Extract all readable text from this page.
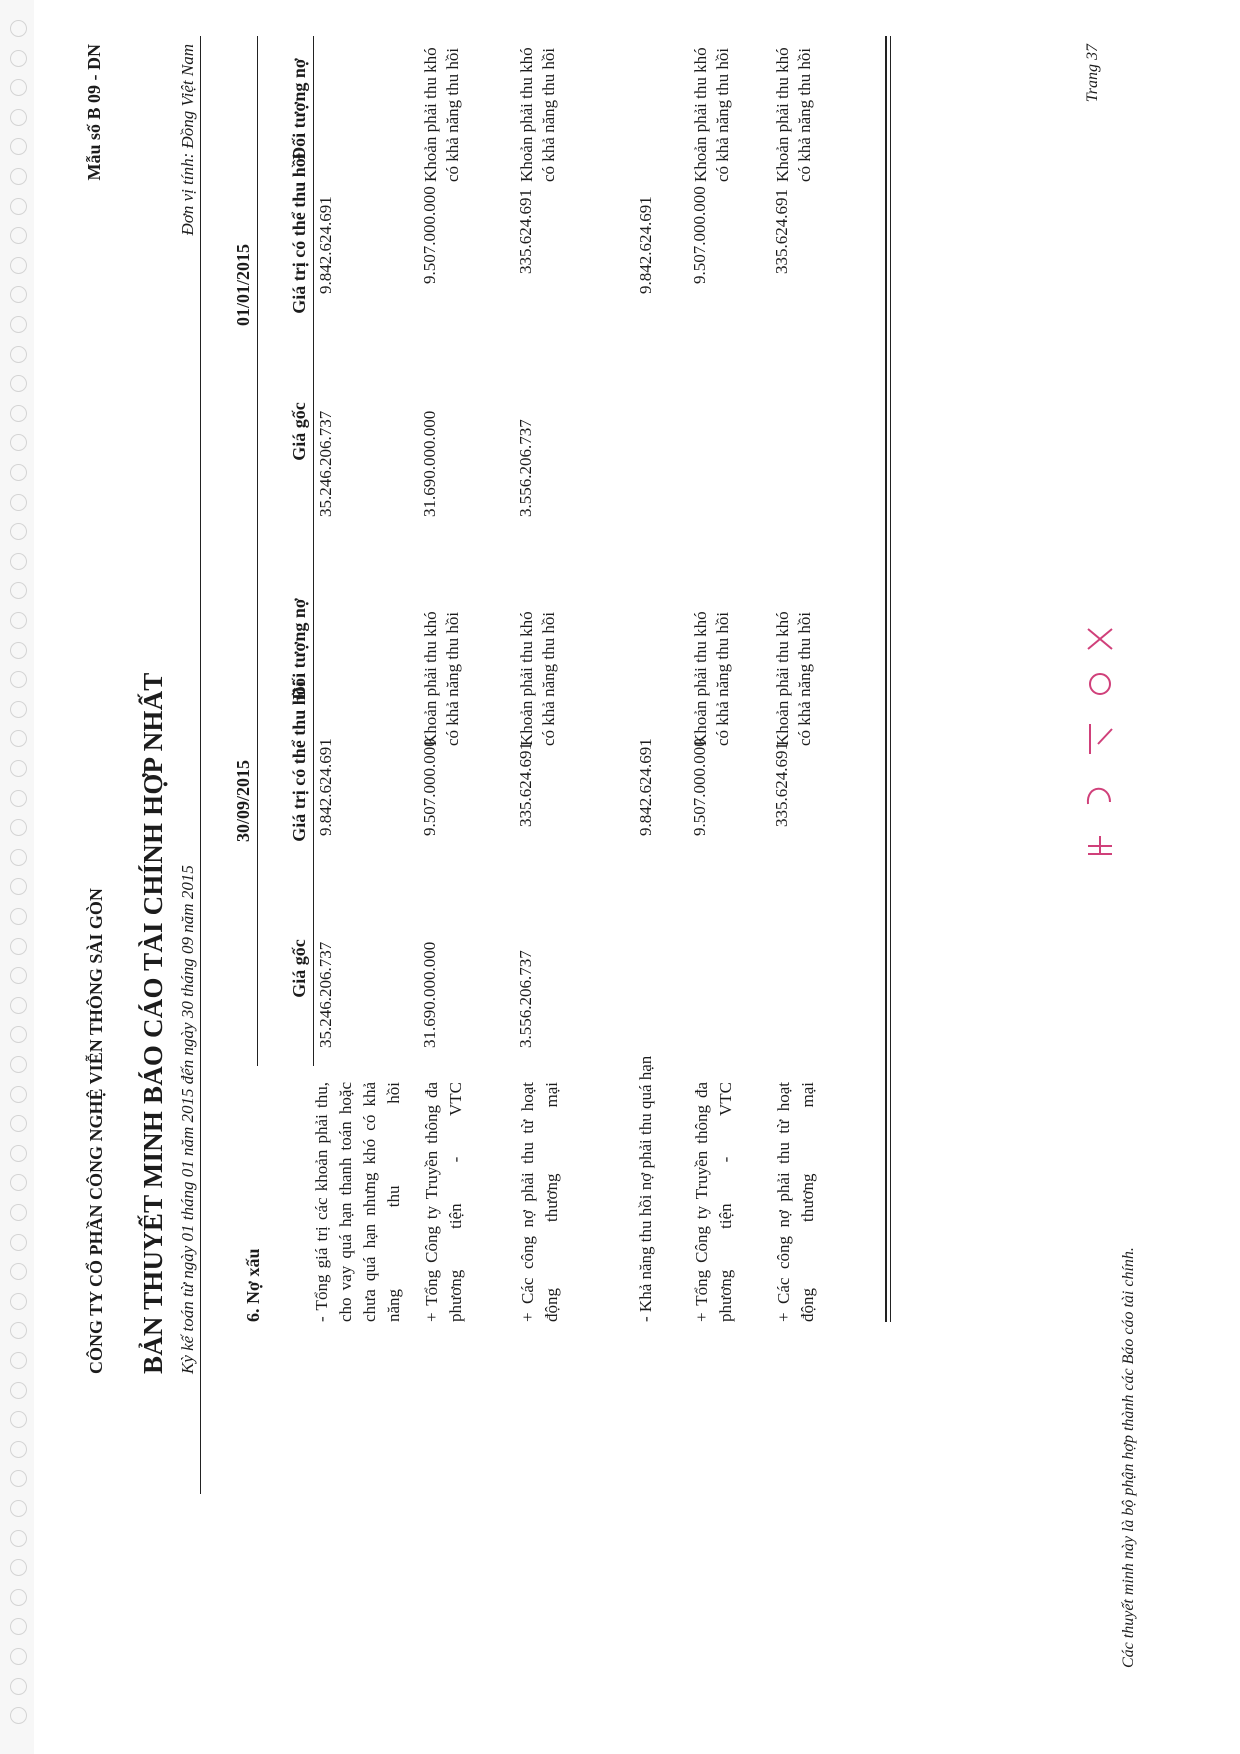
CÔNG TY CỔ PHẦN CÔNG NGHỆ VIỄN THÔNG SÀI GÒN
Mẫu số B 09 - DN
BẢN THUYẾT MINH BÁO CÁO TÀI CHÍNH HỢP NHẤT Kỳ kế toán từ ngày 01 tháng 01 năm 2015 đến ngày 30 tháng 09 năm 2015
Đơn vị tính: Đồng Việt Nam
6. Nợ xấu
30/09/2015
01/01/2015
Giá gốc
Giá trị có thể thu hồi
Đối tượng nợ
Giá gốc
Giá trị có thể thu hồi
Đối tượng nợ
- Tổng giá trị các khoản phải thu, cho vay quá hạn thanh toán hoặc chưa quá hạn nhưng khó có khả năng thu hồi
35.246.206.737
9.842.624.691
35.246.206.737
9.842.624.691
+ Tổng Công ty Truyền thông đa phương tiện - VTC
31.690.000.000
9.507.000.000
Khoản phải thu khó có khả năng thu hồi
31.690.000.000
9.507.000.000
Khoản phải thu khó có khả năng thu hồi
+ Các công nợ phải thu từ hoạt động thương mại
3.556.206.737
335.624.691
Khoản phải thu khó có khả năng thu hồi
3.556.206.737
335.624.691
Khoản phải thu khó có khả năng thu hồi
- Khả năng thu hồi nợ phải thu quá hạn
9.842.624.691
9.842.624.691
+ Tổng Công ty Truyền thông đa phương tiện - VTC
9.507.000.000
Khoản phải thu khó có khả năng thu hồi
9.507.000.000
Khoản phải thu khó có khả năng thu hồi
+ Các công nợ phải thu từ hoạt động thương mại
335.624.691
Khoản phải thu khó có khả năng thu hồi
335.624.691
Khoản phải thu khó có khả năng thu hồi
Các thuyết minh này là bộ phận hợp thành các Báo cáo tài chính.
Trang 37
